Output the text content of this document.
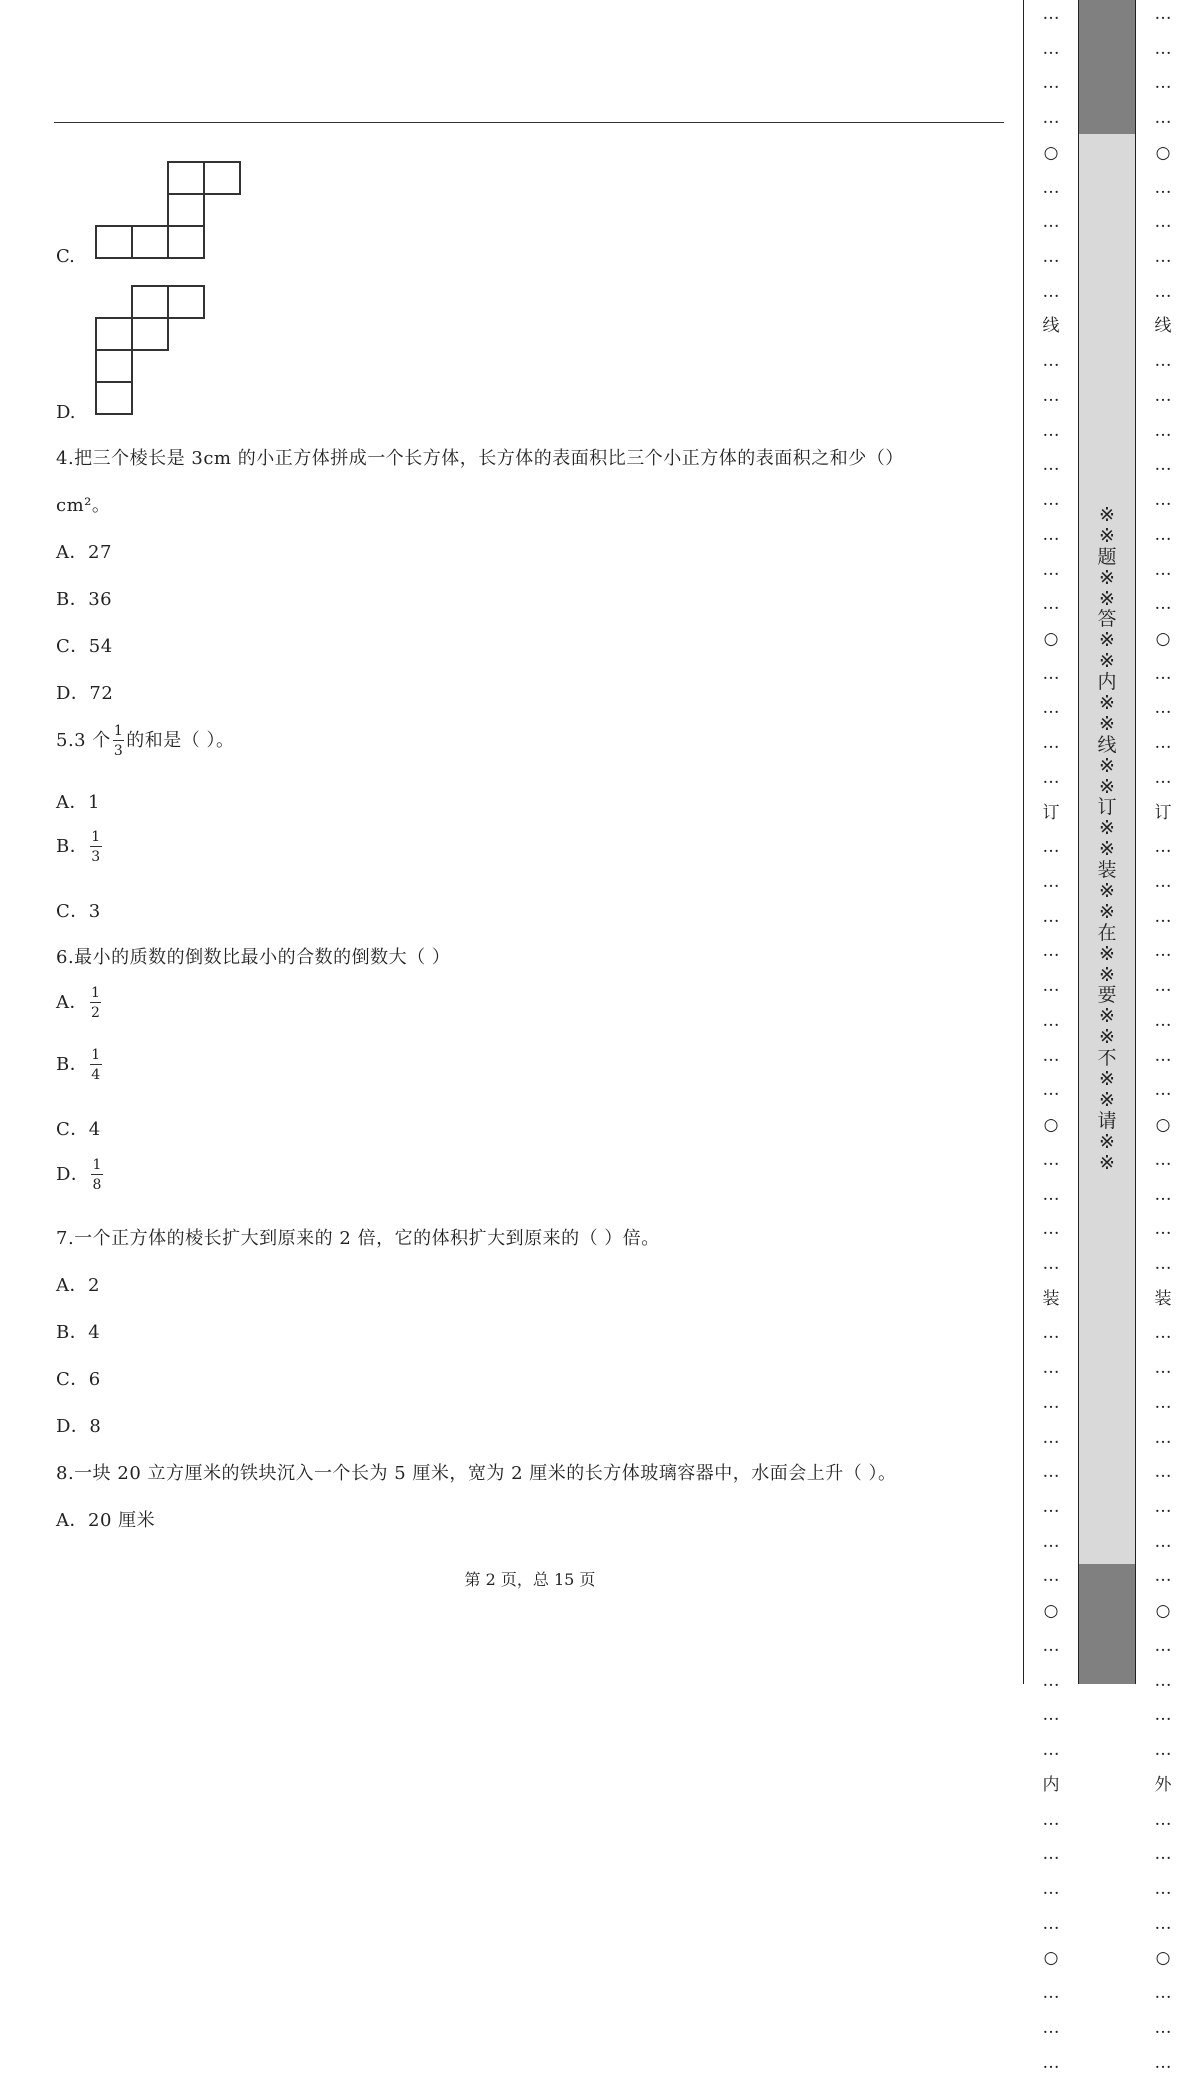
C.
D.
4.把三个棱长是 3cm 的小正方体拼成一个长方体，长方体的表面积比三个小正方体的表面积之和少（）
cm²。
A．27
B．36
C．54
D．72
5.3 个 $\frac{1}{3}$ 的和是（ ）。
A．1
B． $\frac{1}{3}$
C．3
6.最小的质数的倒数比最小的合数的倒数大（ ）
A． $\frac{1}{2}$
B． $\frac{1}{4}$
C．4
D． $\frac{1}{8}$
7.一个正方体的棱长扩大到原来的 2 倍，它的体积扩大到原来的（ ）倍。
A．2
B．4
C．6
D．8
8.一块 20 立方厘米的铁块沉入一个长为 5 厘米，宽为 2 厘米的长方体玻璃容器中，水面会上升（ ）。
A．20 厘米
第 2 页，总 15 页
※
※
题
※
※
答
※
※
内
※
※
线
※
※
订
※
※
装
※
※
在
※
※
要
※
※
不
※
※
请
※
※
…
…
…
…
○
…
…
…
…
线
…
…
…
…
…
…
…
…
○
…
…
…
…
订
…
…
…
…
…
…
…
…
○
…
…
…
…
装
…
…
…
…
…
…
…
…
○
…
…
…
…
内
…
…
…
…
○
…
…
…
…
…
…
…
○
…
…
…
…
线
…
…
…
…
…
…
…
…
○
…
…
…
…
订
…
…
…
…
…
…
…
…
○
…
…
…
…
装
…
…
…
…
…
…
…
…
○
…
…
…
…
外
…
…
…
…
○
…
…
…
